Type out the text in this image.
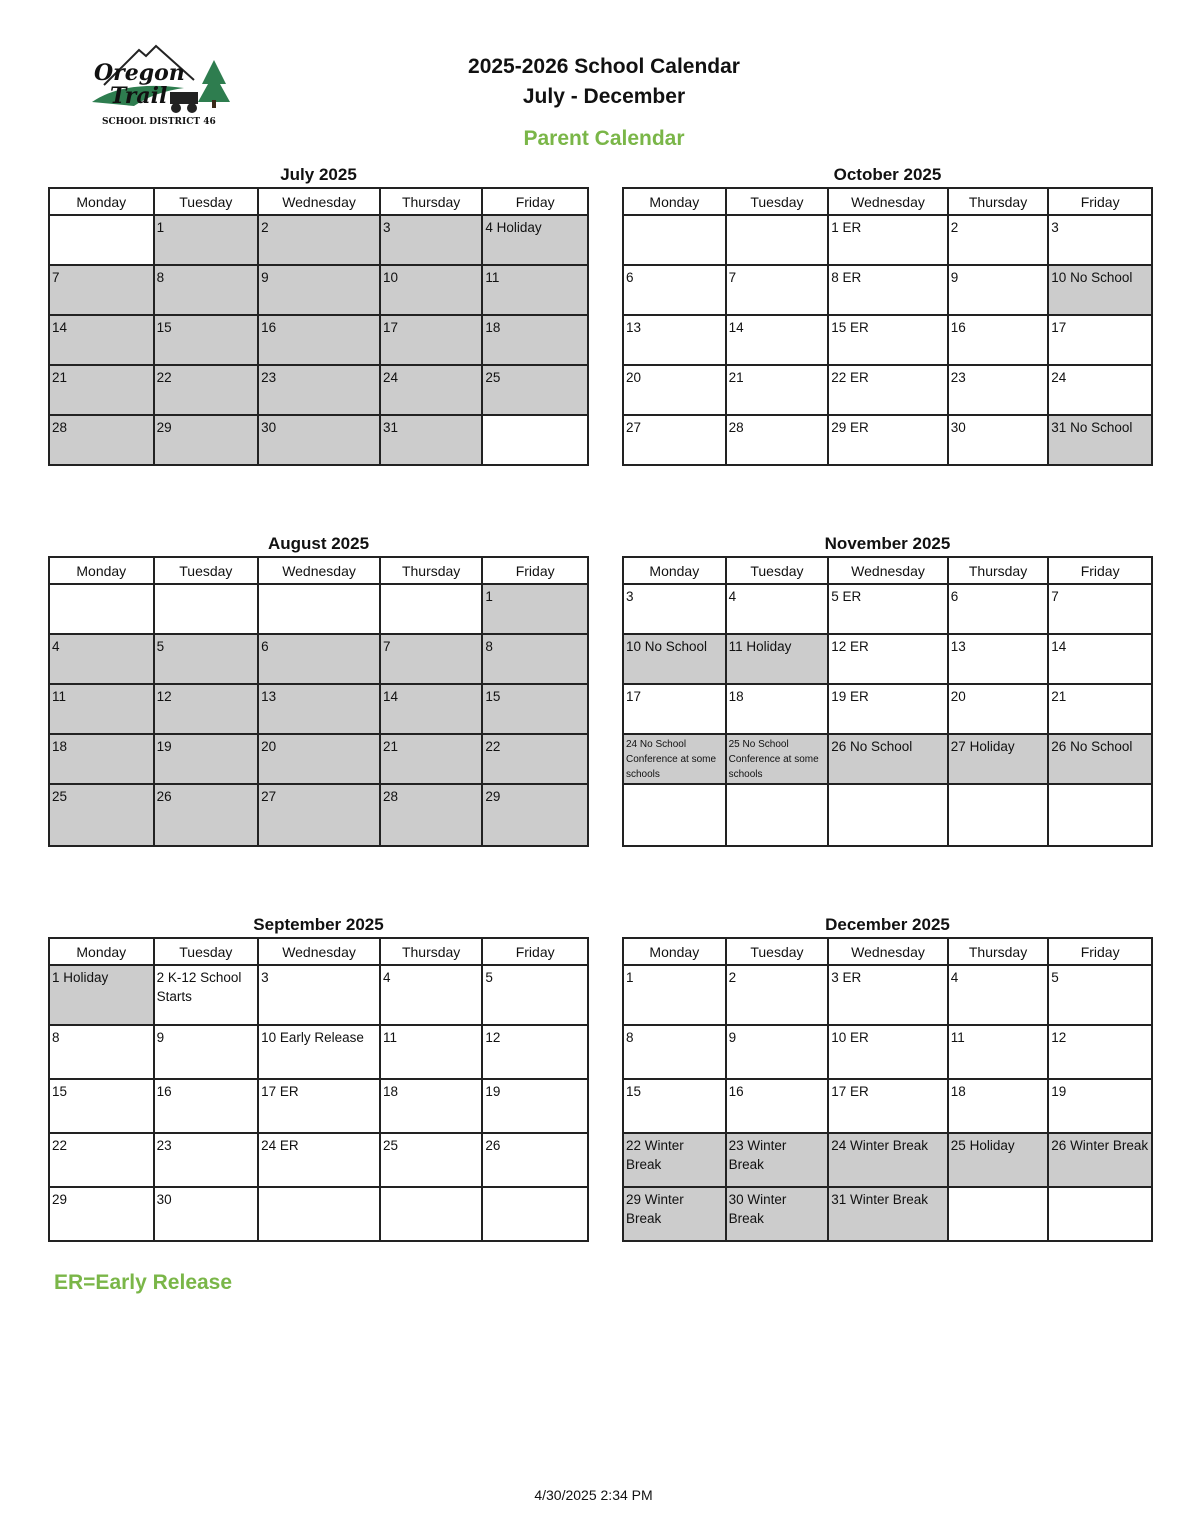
Oregon
Trail
SCHOOL DISTRICT 46
2025-2026 School Calendar
July - December
Parent Calendar
July 2025
Monday	Tuesday	Wednesday	Thursday	Friday
	1	2	3	4 Holiday
7	8	9	10	11
14	15	16	17	18
21	22	23	24	25
28	29	30	31	
October 2025
Monday	Tuesday	Wednesday	Thursday	Friday
		1 ER	2	3
6	7	8 ER	9	10 No School
13	14	15 ER	16	17
20	21	22 ER	23	24
27	28	29 ER	30	31 No School
August 2025
Monday	Tuesday	Wednesday	Thursday	Friday
				1
4	5	6	7	8
11	12	13	14	15
18	19	20	21	22
25	26	27	28	29
November 2025
Monday	Tuesday	Wednesday	Thursday	Friday
3	4	5 ER	6	7
10 No School	11 Holiday	12 ER	13	14
17	18	19 ER	20	21
24 No School Conference at some schools	25 No School Conference at some schools	26 No School	27 Holiday	26 No School

September 2025
Monday	Tuesday	Wednesday	Thursday	Friday
1 Holiday	2 K-12 School Starts	3	4	5
8	9	10 Early Release	11	12
15	16	17 ER	18	19
22	23	24 ER	25	26
29	30			
December 2025
Monday	Tuesday	Wednesday	Thursday	Friday
1	2	3 ER	4	5
8	9	10 ER	11	12
15	16	17 ER	18	19
22 Winter Break	23 Winter Break	24 Winter Break	25 Holiday	26 Winter Break
29 Winter Break	30 Winter Break	31 Winter Break		
ER=Early Release
4/30/2025 2:34 PM
